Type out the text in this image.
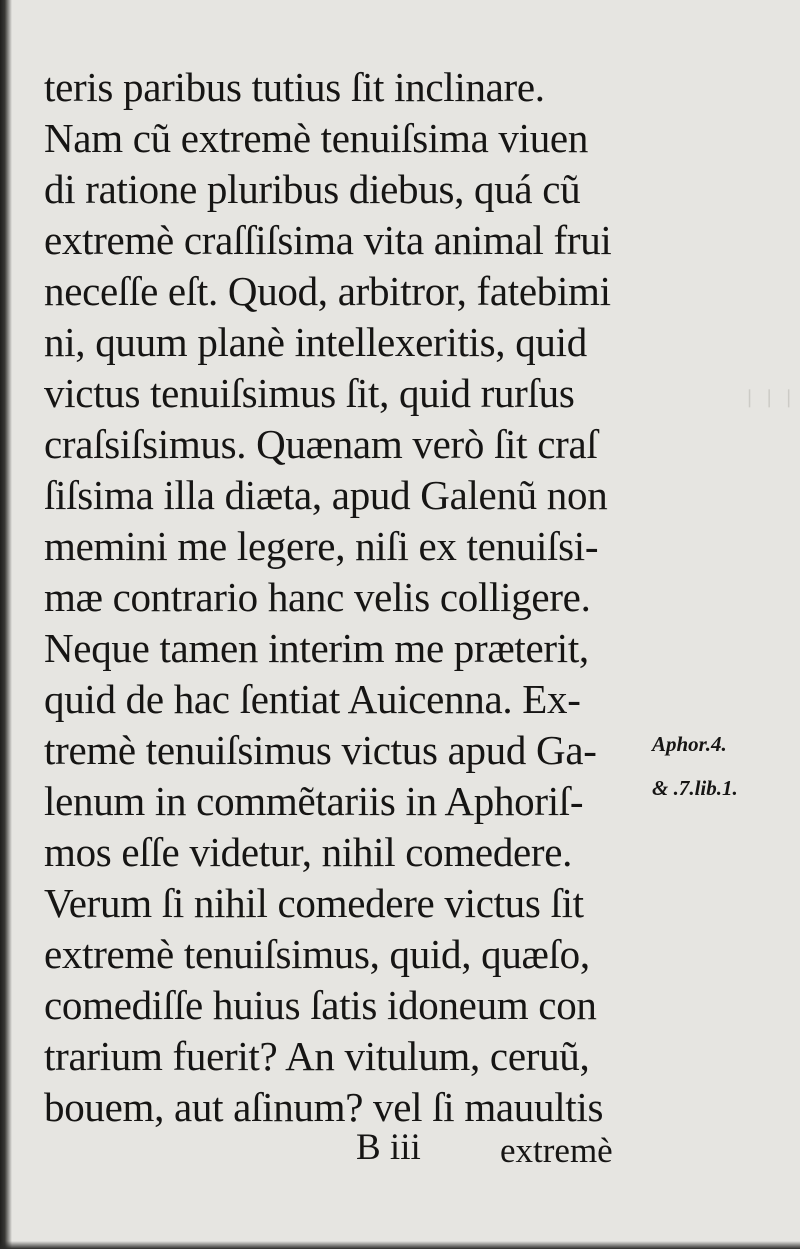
❘ ❘ ❘
teris paribus tutius ſit inclinare.
Nam cũ extremè tenuiſsima viuen
di ratione pluribus diebus, quá cũ
extremè craſſiſsima vita animal frui
neceſſe eſt. Quod, arbitror, fatebimi
ni, quum planè intellexeritis, quid
victus tenuiſsimus ſit, quid rurſus
craſsiſsimus. Quænam verò ſit craſ
ſiſsima illa diæta, apud Galenũ non
memini me legere, niſi ex tenuiſsi-
mæ contrario hanc velis colligere.
Neque tamen interim me præterit,
quid de hac ſentiat Auicenna. Ex-
tremè tenuiſsimus victus apud Ga-
lenum in commẽtariis in Aphoriſ-
mos eſſe videtur, nihil comedere.
Verum ſi nihil comedere victus ſit
extremè tenuiſsimus, quid, quæſo,
comediſſe huius ſatis idoneum con
trarium fuerit? An vitulum, ceruũ,
bouem, aut aſinum? vel ſi mauultis
Aphor.4.
& .7.lib.1.
B iii extremè
